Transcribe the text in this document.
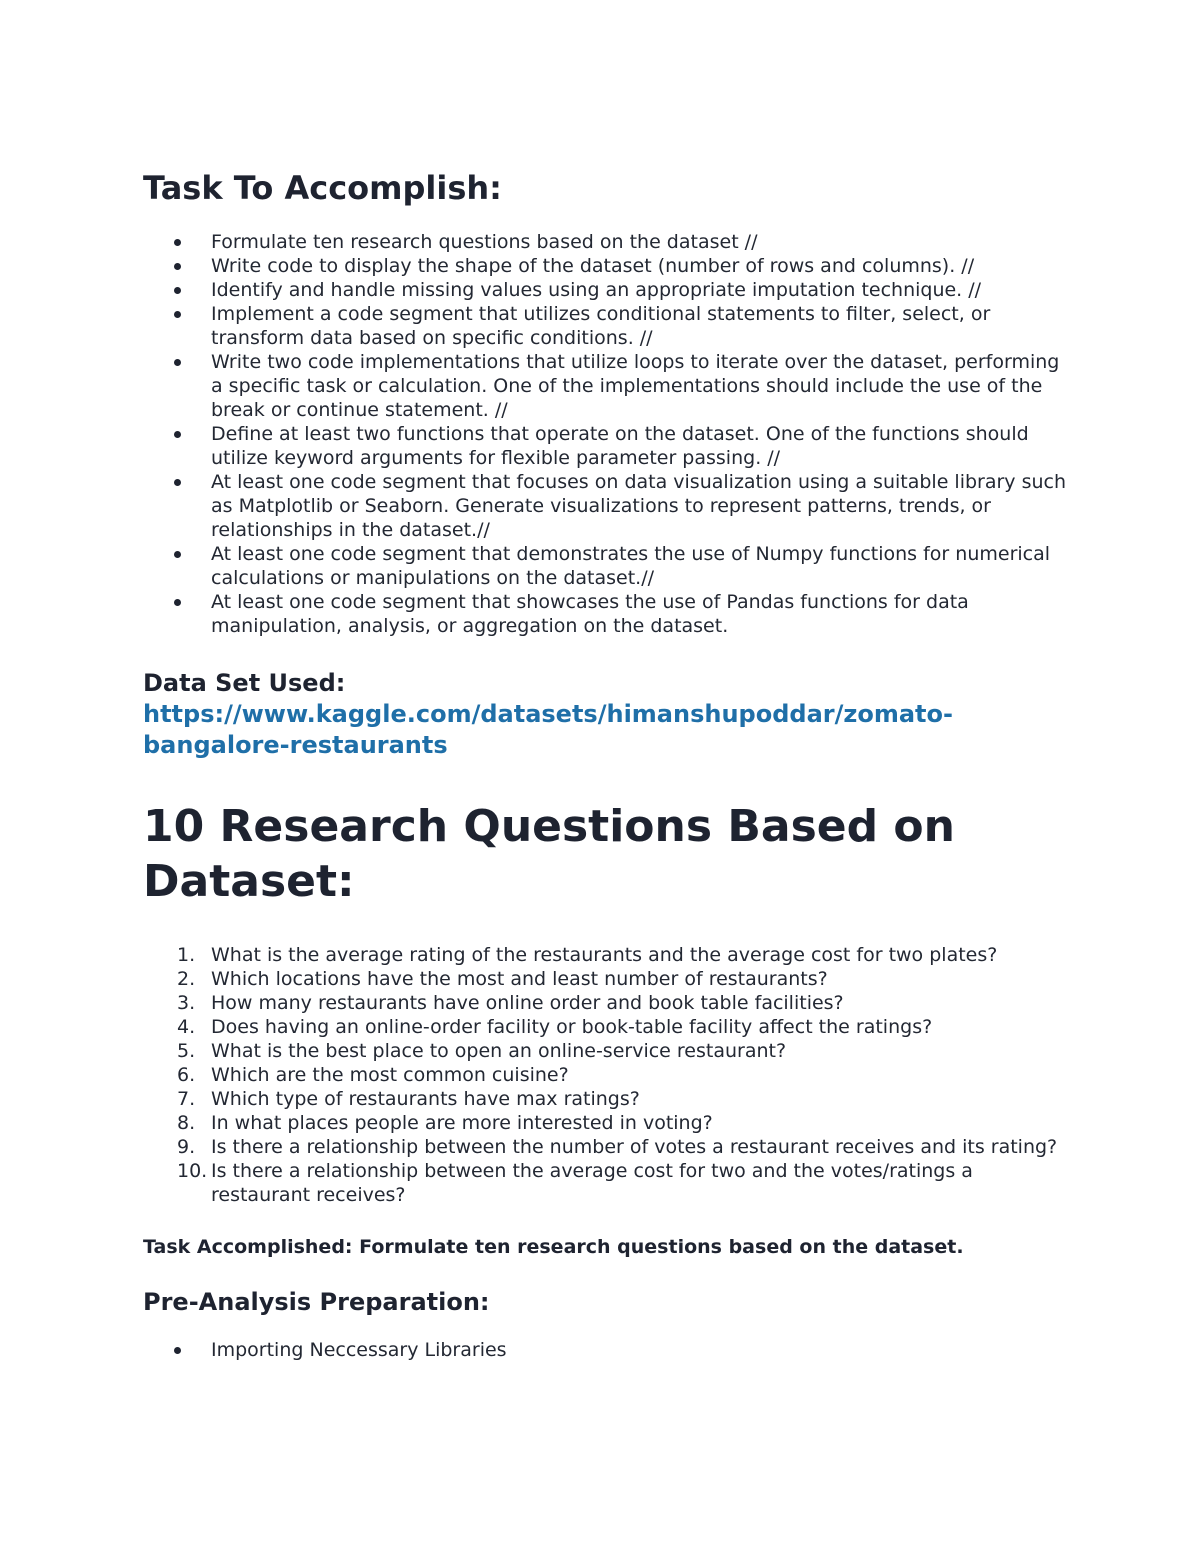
Task To Accomplish:
Formulate ten research questions based on the dataset //
Write code to display the shape of the dataset (number of rows and columns). //
Identify and handle missing values using an appropriate imputation technique. //
Implement a code segment that utilizes conditional statements to filter, select, or transform data based on specific conditions. //
Write two code implementations that utilize loops to iterate over the dataset, performing a specific task or calculation. One of the implementations should include the use of the break or continue statement. //
Define at least two functions that operate on the dataset. One of the functions should utilize keyword arguments for flexible parameter passing. //
At least one code segment that focuses on data visualization using a suitable library such as Matplotlib or Seaborn. Generate visualizations to represent patterns, trends, or relationships in the dataset.//
At least one code segment that demonstrates the use of Numpy functions for numerical calculations or manipulations on the dataset.//
At least one code segment that showcases the use of Pandas functions for data manipulation, analysis, or aggregation on the dataset.
Data Set Used:
https://www.kaggle.com/datasets/himanshupoddar/zomato-bangalore-restaurants
10 Research Questions Based on Dataset:
1. What is the average rating of the restaurants and the average cost for two plates?
2. Which locations have the most and least number of restaurants?
3. How many restaurants have online order and book table facilities?
4. Does having an online-order facility or book-table facility affect the ratings?
5. What is the best place to open an online-service restaurant?
6. Which are the most common cuisine?
7. Which type of restaurants have max ratings?
8. In what places people are more interested in voting?
9. Is there a relationship between the number of votes a restaurant receives and its rating?
10. Is there a relationship between the average cost for two and the votes/ratings a restaurant receives?

Task Accomplished: Formulate ten research questions based on the dataset.

Pre-Analysis Preparation:
Importing Neccessary Libraries
